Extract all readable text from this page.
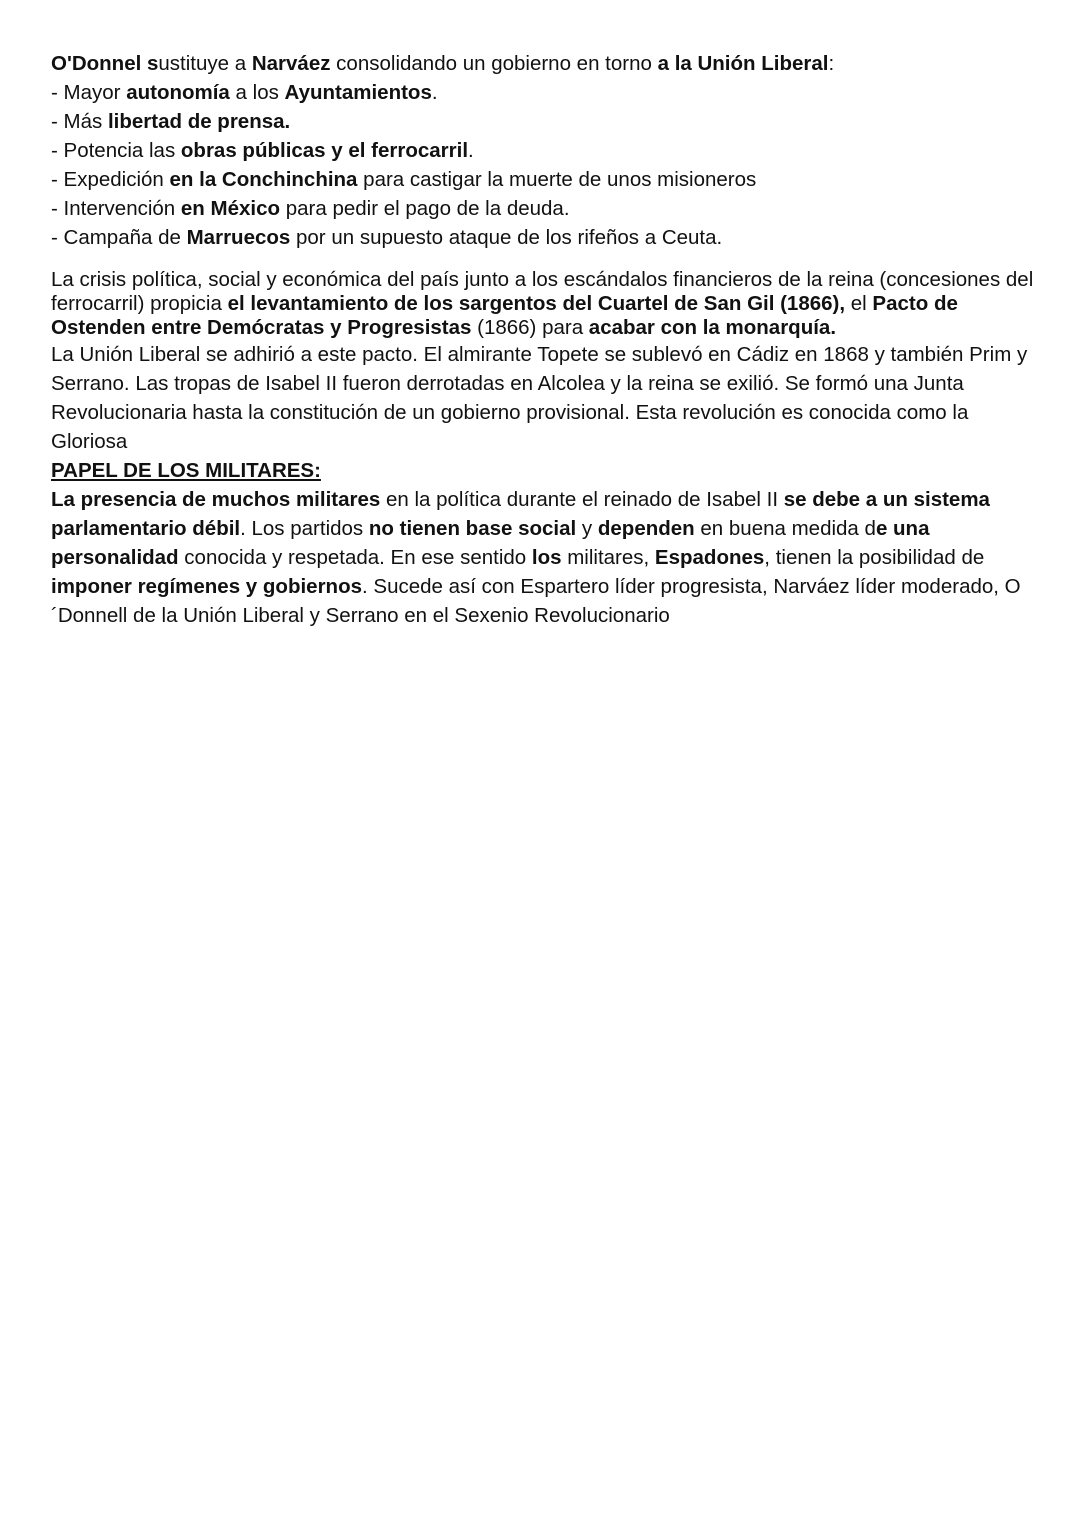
O'Donnel sustituye a Narváez consolidando un gobierno en torno a la Unión Liberal:

- Mayor autonomía a los Ayuntamientos.

- Más libertad de prensa.

- Potencia las obras públicas y el ferrocarril.

- Expedición en la Conchinchina para castigar la muerte de unos misioneros

- Intervención en México para pedir el pago de la deuda.

- Campaña de Marruecos por un supuesto ataque de los rifeños a Ceuta.

La crisis política, social y económica del país junto a los escándalos financieros de la reina (concesiones del ferrocarril) propicia el levantamiento de los sargentos del Cuartel de San Gil (1866), el Pacto de Ostenden entre Demócratas y Progresistas (1866) para acabar con la monarquía.

La Unión Liberal se adhirió a este pacto. El almirante Topete se sublevó en Cádiz en 1868 y también Prim y Serrano. Las tropas de Isabel II fueron derrotadas en Alcolea y la reina se exilió. Se formó una Junta Revolucionaria hasta la constitución de un gobierno provisional. Esta revolución es conocida como la Gloriosa

PAPEL DE LOS MILITARES:

La presencia de muchos militares en la política durante el reinado de Isabel II se debe a un sistema parlamentario débil. Los partidos no tienen base social y dependen en buena medida de una personalidad conocida y respetada. En ese sentido los militares, Espadones, tienen la posibilidad de imponer regímenes y gobiernos. Sucede así con Espartero líder progresista, Narváez líder moderado, O´Donnell de la Unión Liberal y Serrano en el Sexenio Revolucionario
